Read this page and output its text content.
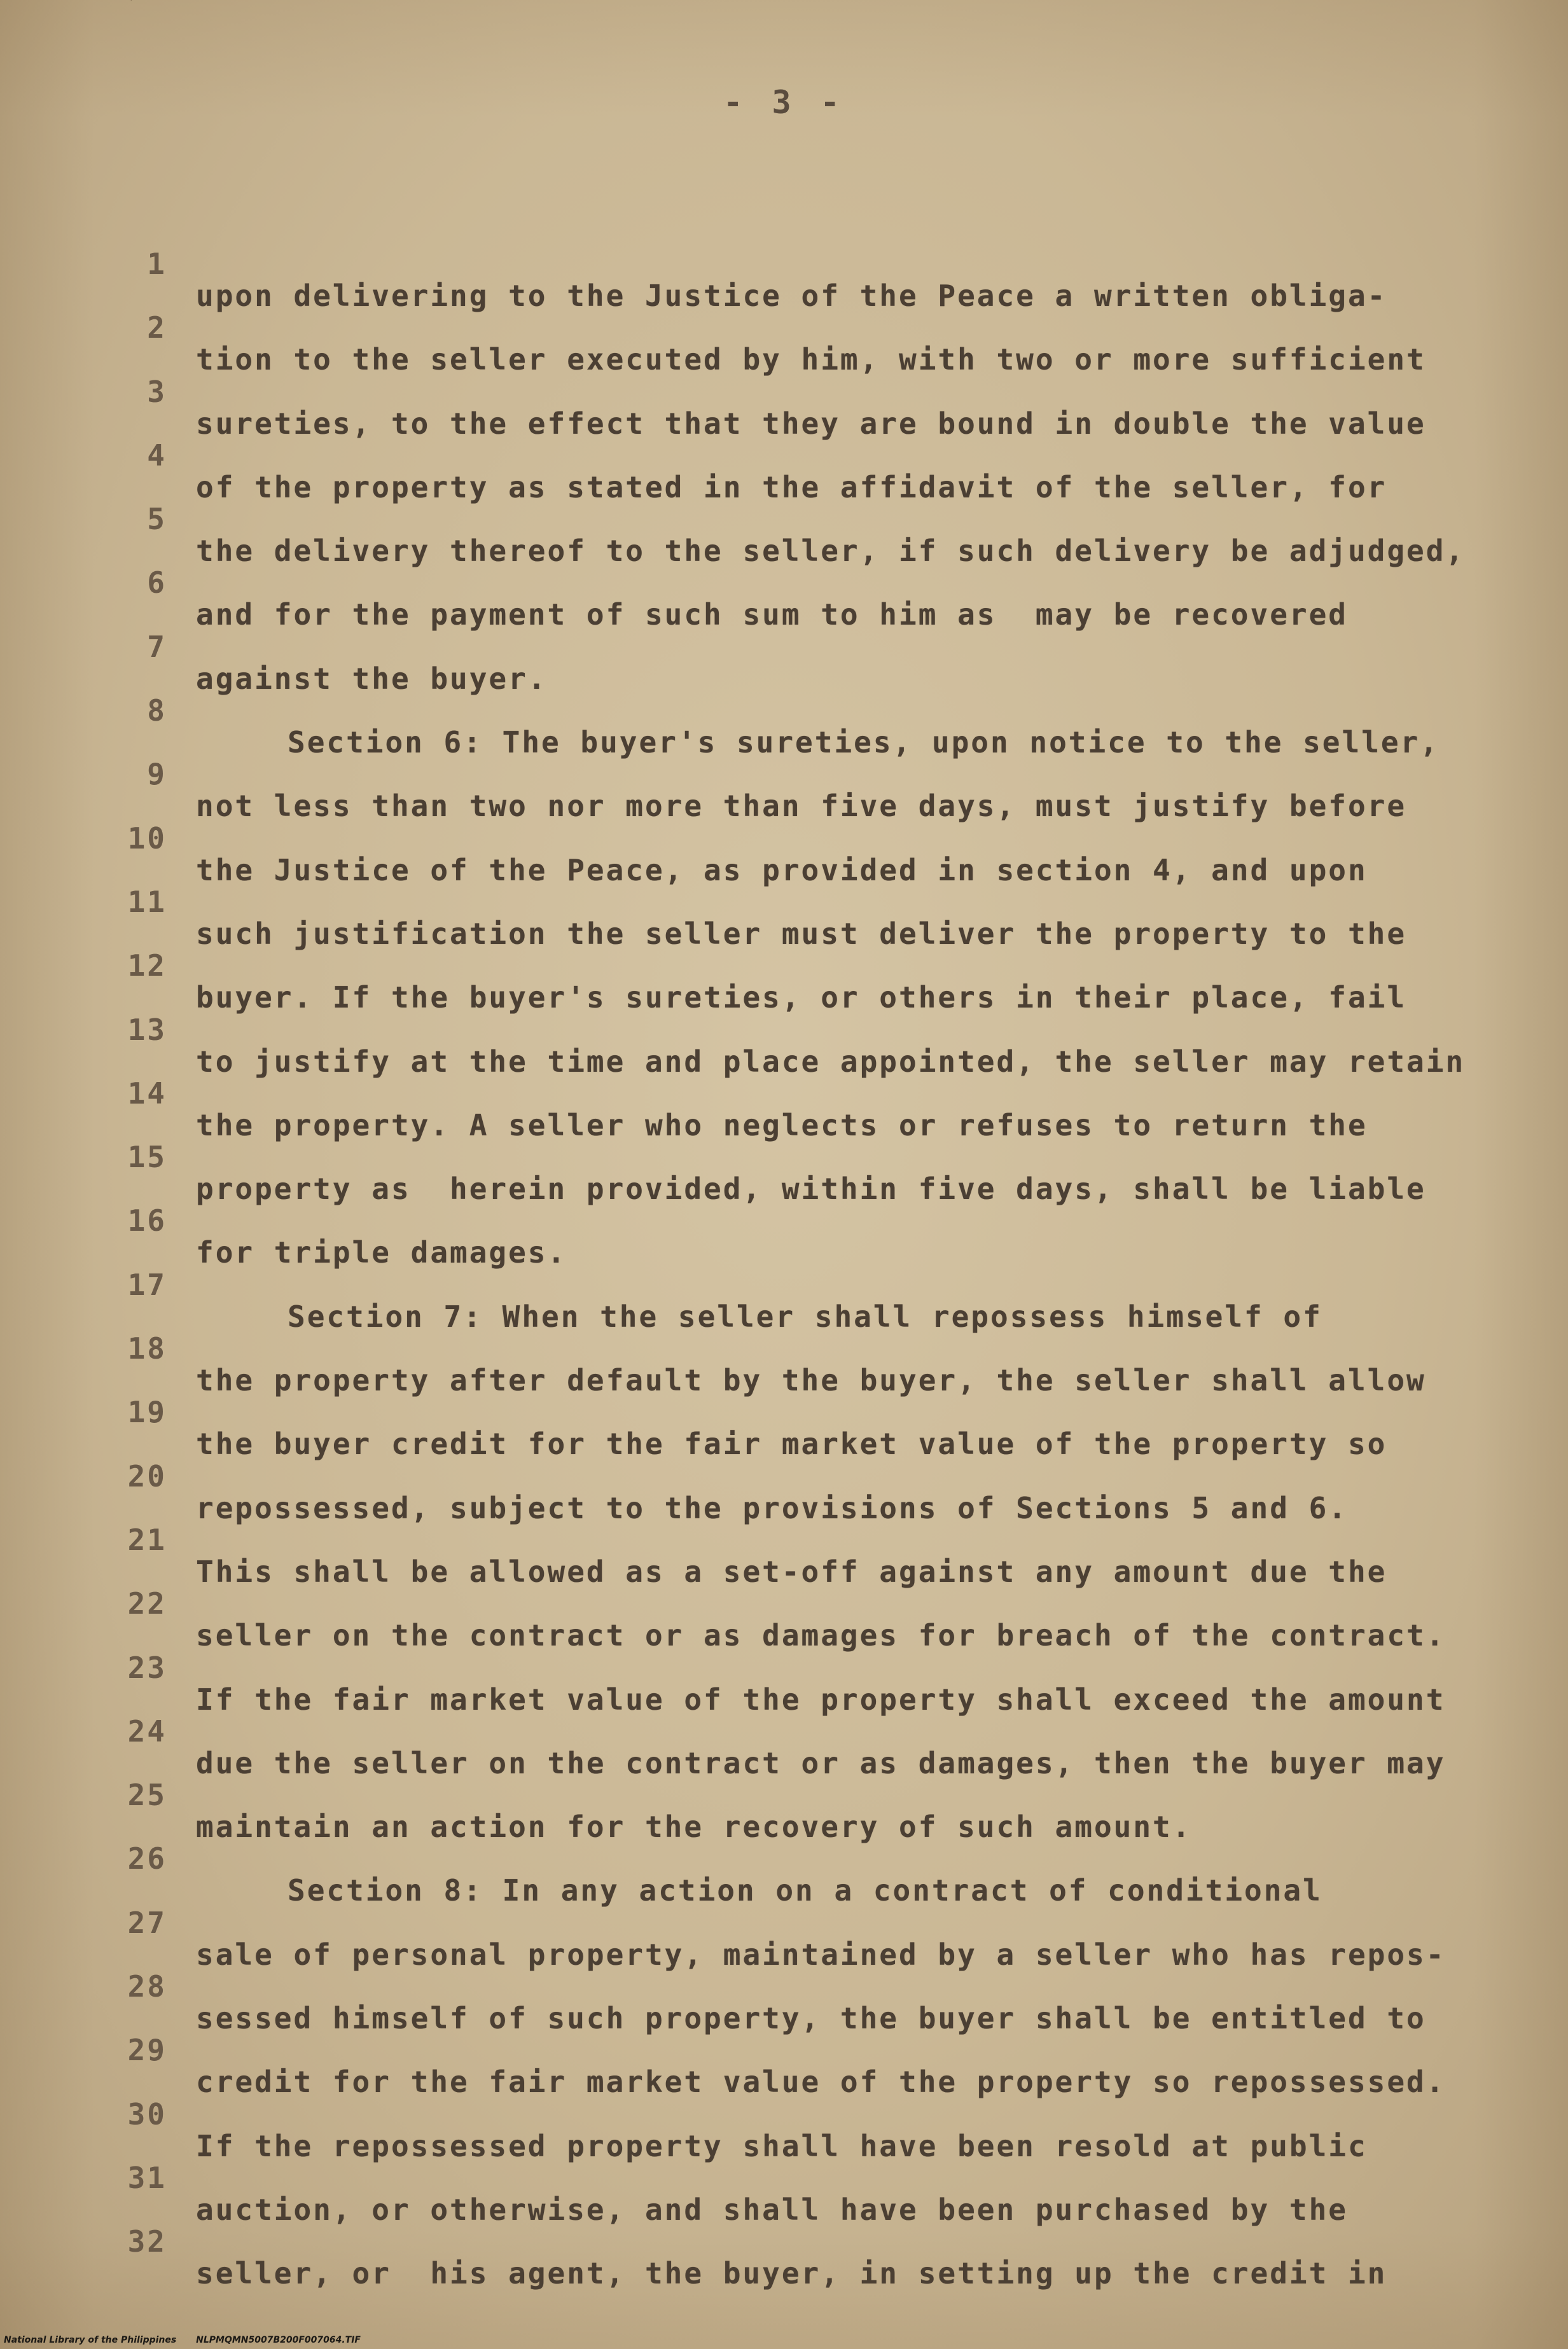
- 3 -

1

upon delivering to the Justice of the Peace a written obliga-

2

tion to the seller executed by him, with two or more sufficient

3

sureties, to the effect that they are bound in double the value

4

of the property as stated in the affidavit of the seller, for

5

the delivery thereof to the seller, if such delivery be adjudged,

6

and for the payment of such sum to him as  may be recovered

7

against the buyer.

8

Section 6: The buyer's sureties, upon notice to the seller,

9

not less than two nor more than five days, must justify before

10

the Justice of the Peace, as provided in section 4, and upon

11

such justification the seller must deliver the property to the

12

buyer. If the buyer's sureties, or others in their place, fail

13

to justify at the time and place appointed, the seller may retain

14

the property. A seller who neglects or refuses to return the

15

property as  herein provided, within five days, shall be liable

16

for triple damages.

17

Section 7: When the seller shall repossess himself of

18

the property after default by the buyer, the seller shall allow

19

the buyer credit for the fair market value of the property so

20

repossessed, subject to the provisions of Sections 5 and 6.

21

This shall be allowed as a set-off against any amount due the

22

seller on the contract or as damages for breach of the contract.

23

If the fair market value of the property shall exceed the amount

24

due the seller on the contract or as damages, then the buyer may

25

maintain an action for the recovery of such amount.

26

Section 8: In any action on a contract of conditional

27

sale of personal property, maintained by a seller who has repos-

28

sessed himself of such property, the buyer shall be entitled to

29

credit for the fair market value of the property so repossessed.

30

If the repossessed property shall have been resold at public

31

auction, or otherwise, and shall have been purchased by the

32

seller, or  his agent, the buyer, in setting up the credit in

National Library of the Philippines NLPMQMN5007B200F007064.TIF
